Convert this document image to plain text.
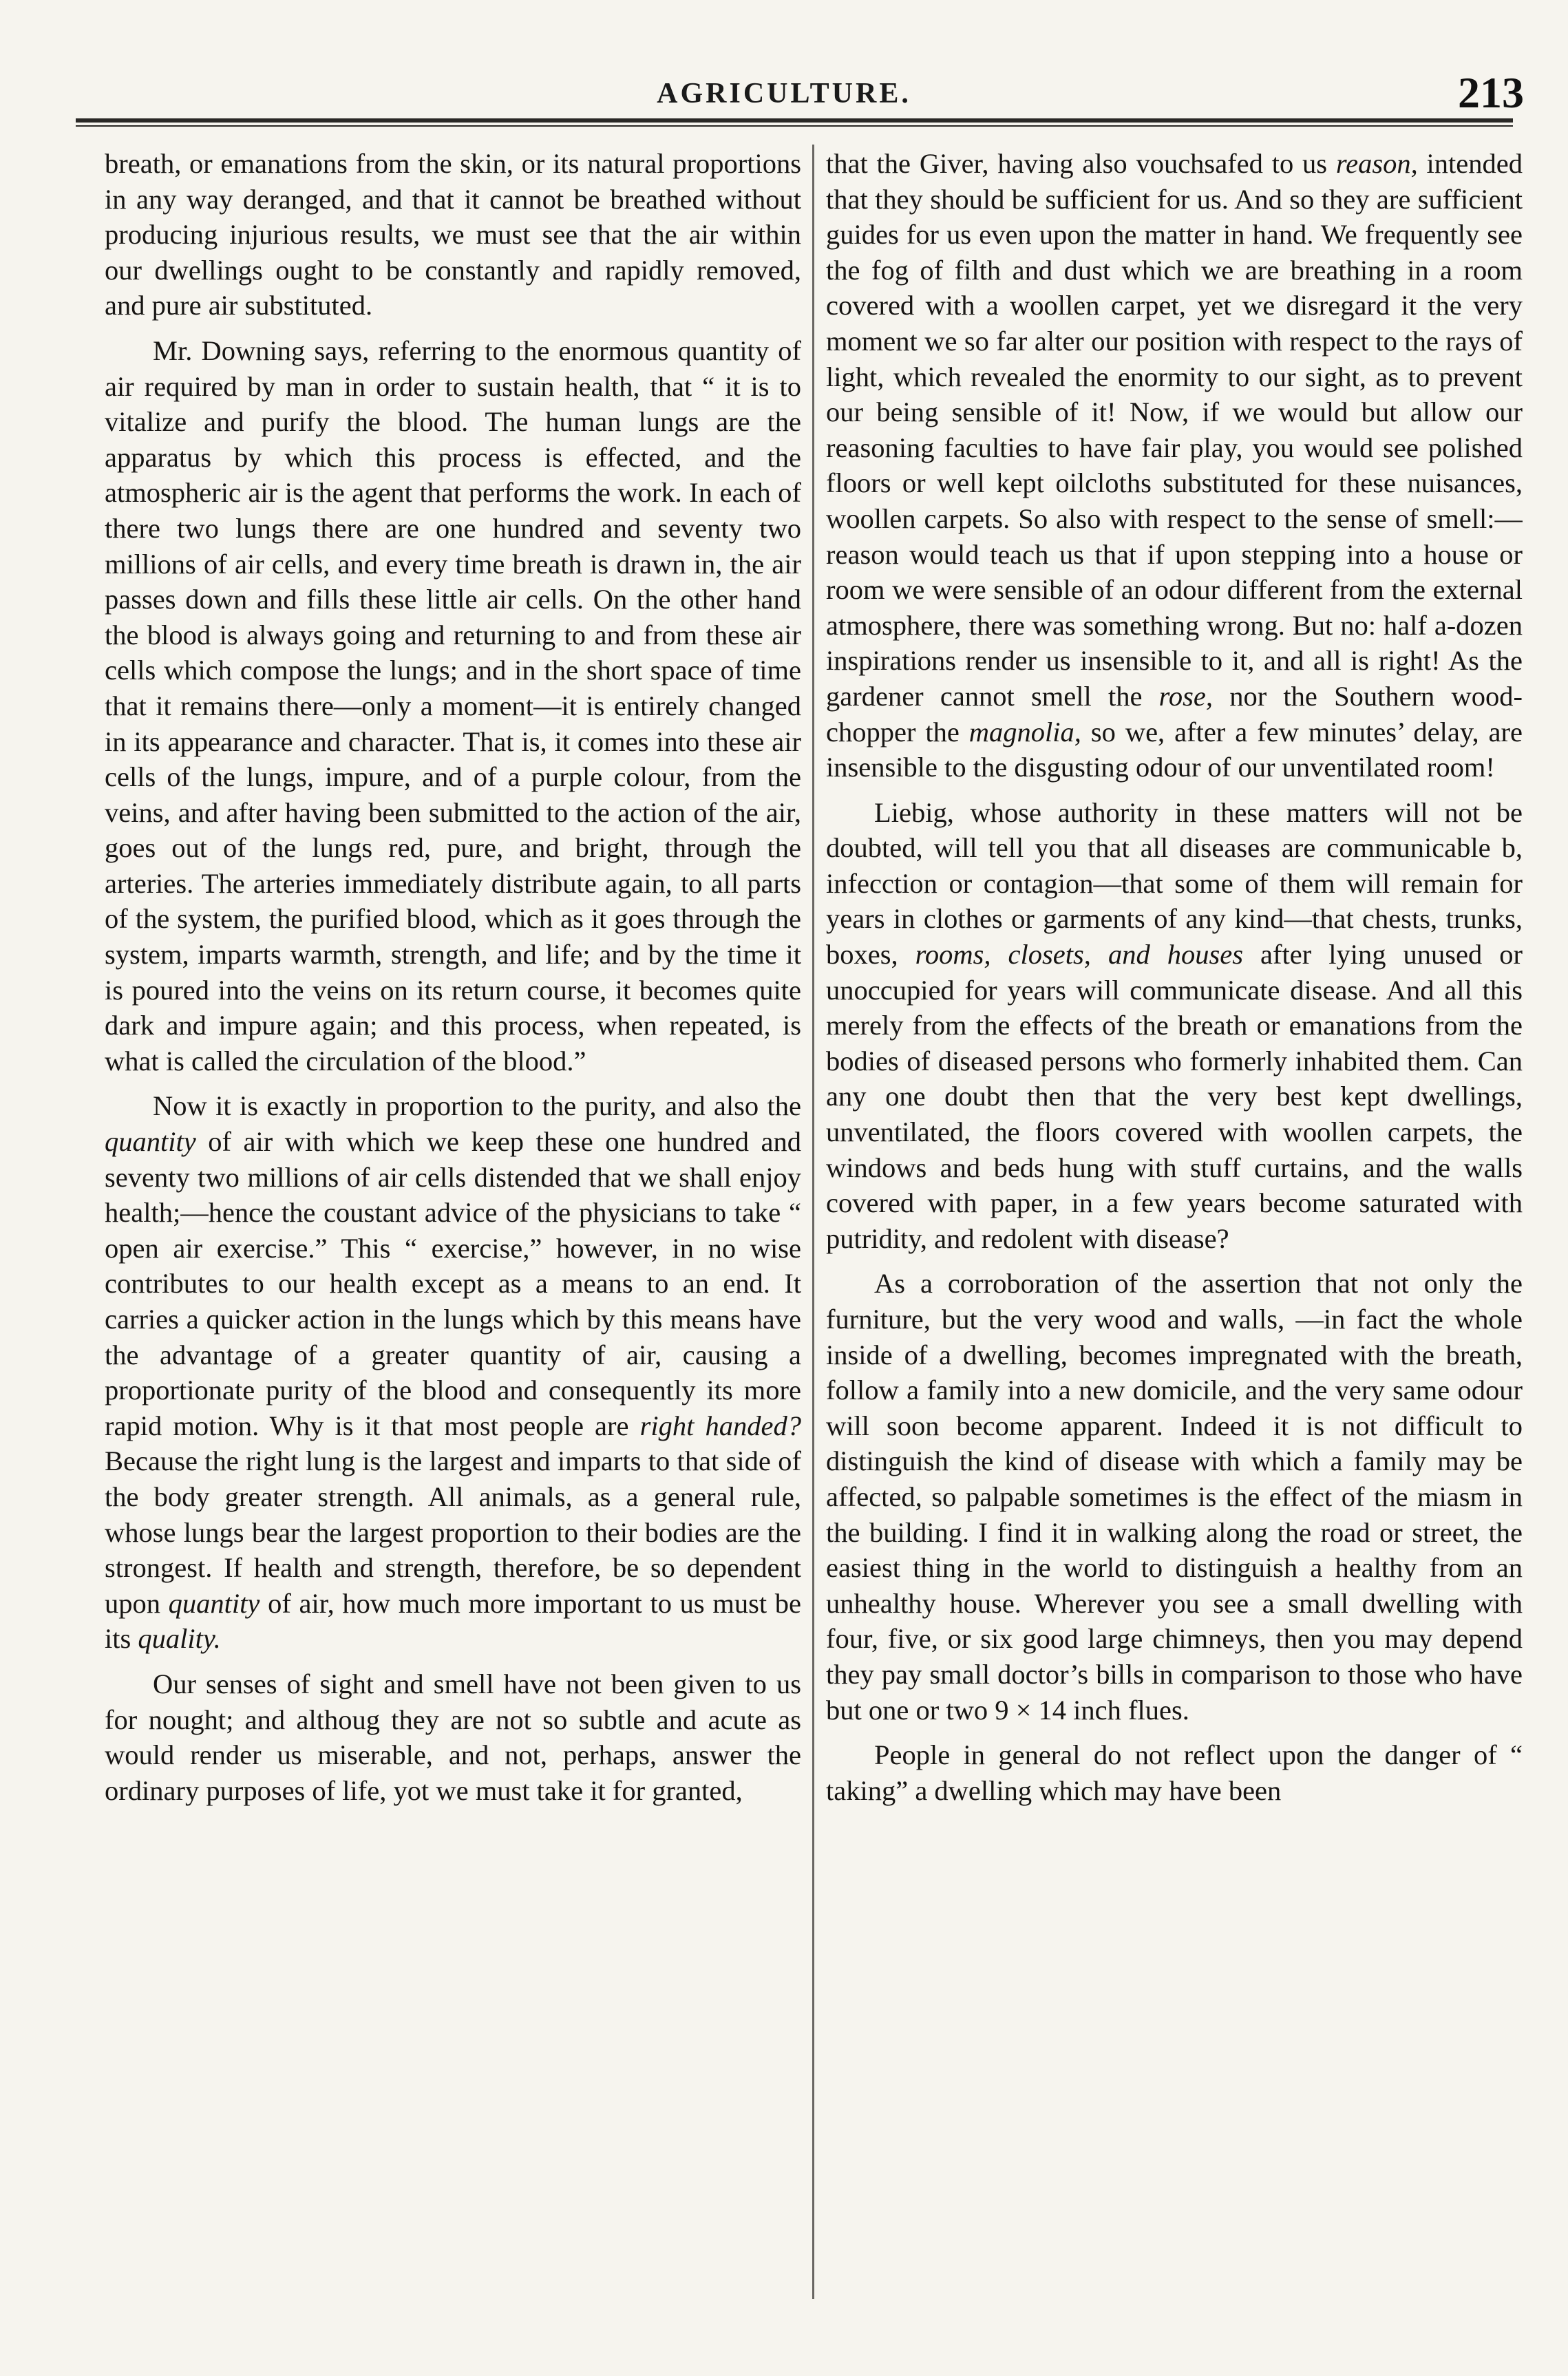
AGRICULTURE.	213

breath, or emanations from the skin, or its natural proportions in any way deranged, and that it cannot be breathed without producing injurious results, we must see that the air within our dwellings ought to be constantly and rapidly removed, and pure air substituted.

Mr. Downing says, referring to the enormous quantity of air required by man in order to sustain health, that “ it is to vitalize and purify the blood. The human lungs are the apparatus by which this process is effected, and the atmospheric air is the agent that performs the work. In each of there two lungs there are one hundred and seventy two millions of air cells, and every time breath is drawn in, the air passes down and fills these little air cells. On the other hand the blood is always going and returning to and from these air cells which compose the lungs; and in the short space of time that it remains there—only a moment—it is entirely changed in its appearance and character. That is, it comes into these air cells of the lungs, impure, and of a purple colour, from the veins, and after having been submitted to the action of the air, goes out of the lungs red, pure, and bright, through the arteries. The arteries immediately distribute again, to all parts of the system, the purified blood, which as it goes through the system, imparts warmth, strength, and life; and by the time it is poured into the veins on its return course, it becomes quite dark and impure again; and this process, when repeated, is what is called the circulation of the blood.”

Now it is exactly in proportion to the purity, and also the quantity of air with which we keep these one hundred and seventy two millions of air cells distended that we shall enjoy health;—hence the coustant advice of the physicians to take “ open air exercise.” This “ exercise,” however, in no wise contributes to our health except as a means to an end. It carries a quicker action in the lungs which by this means have the advantage of a greater quantity of air, causing a proportionate purity of the blood and consequently its more rapid motion. Why is it that most people are right handed? Because the right lung is the largest and imparts to that side of the body greater strength. All animals, as a general rule, whose lungs bear the largest proportion to their bodies are the strongest. If health and strength, therefore, be so dependent upon quantity of air, how much more important to us must be its quality.

Our senses of sight and smell have not been given to us for nought; and althoug they are not so subtle and acute as would render us miserable, and not, perhaps, answer the ordinary purposes of life, yot we must take it for granted,

that the Giver, having also vouchsafed to us reason, intended that they should be sufficient for us. And so they are sufficient guides for us even upon the matter in hand. We frequently see the fog of filth and dust which we are breathing in a room covered with a woollen carpet, yet we disregard it the very moment we so far alter our position with respect to the rays of light, which revealed the enormity to our sight, as to prevent our being sensible of it! Now, if we would but allow our reasoning faculties to have fair play, you would see polished floors or well kept oilcloths substituted for these nuisances, woollen carpets. So also with respect to the sense of smell:—reason would teach us that if upon stepping into a house or room we were sensible of an odour different from the external atmosphere, there was something wrong. But no: half a-dozen inspirations render us insensible to it, and all is right! As the gardener cannot smell the rose, nor the Southern wood-chopper the magnolia, so we, after a few minutes’ delay, are insensible to the disgusting odour of our unventilated room!

Liebig, whose authority in these matters will not be doubted, will tell you that all diseases are communicable b, infecction or contagion—that some of them will remain for years in clothes or garments of any kind—that chests, trunks, boxes, rooms, closets, and houses after lying unused or unoccupied for years will communicate disease. And all this merely from the effects of the breath or emanations from the bodies of diseased persons who formerly inhabited them. Can any one doubt then that the very best kept dwellings, unventilated, the floors covered with woollen carpets, the windows and beds hung with stuff curtains, and the walls covered with paper, in a few years become saturated with putridity, and redolent with disease?

As a corroboration of the assertion that not only the furniture, but the very wood and walls, —in fact the whole inside of a dwelling, becomes impregnated with the breath, follow a family into a new domicile, and the very same odour will soon become apparent. Indeed it is not difficult to distinguish the kind of disease with which a family may be affected, so palpable sometimes is the effect of the miasm in the building. I find it in walking along the road or street, the easiest thing in the world to distinguish a healthy from an unhealthy house. Wherever you see a small dwelling with four, five, or six good large chimneys, then you may depend they pay small doctor’s bills in comparison to those who have but one or two 9 × 14 inch flues.

People in general do not reflect upon the danger of “ taking” a dwelling which may have been
